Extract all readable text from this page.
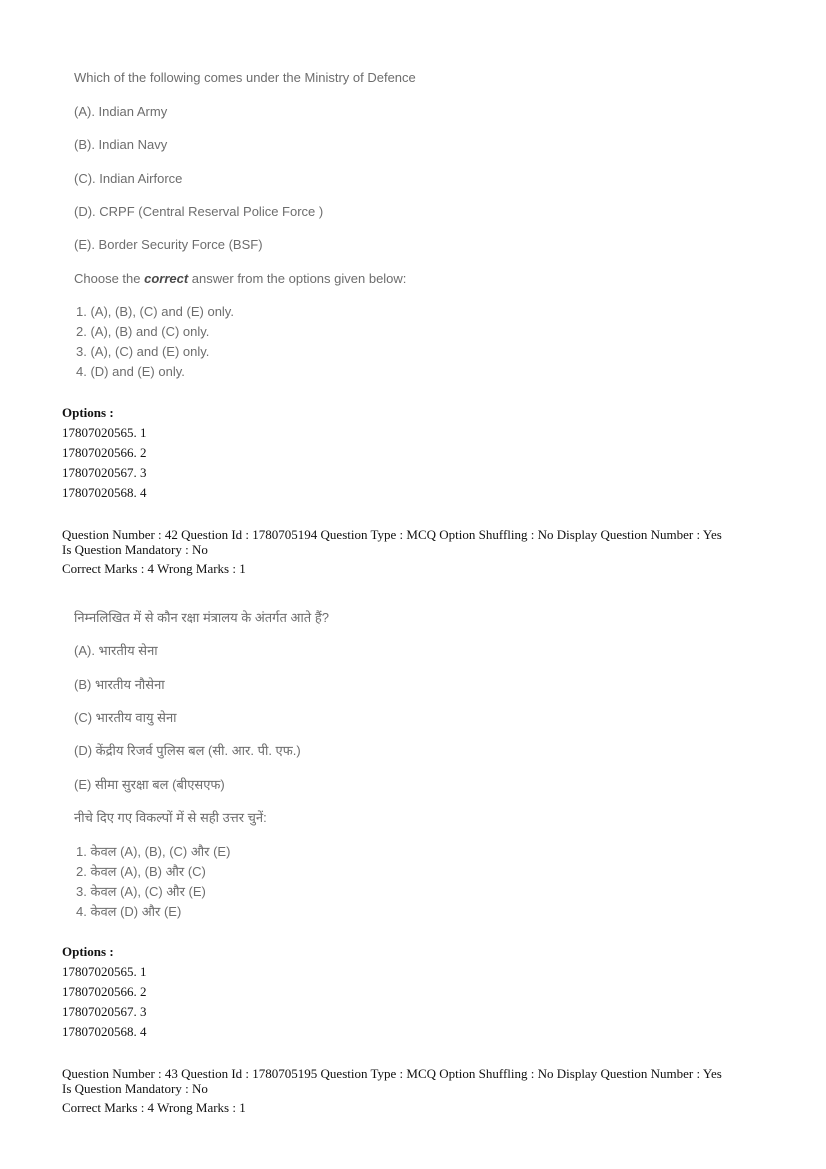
Which of the following comes under the Ministry of Defence
(A). Indian Army
(B). Indian Navy
(C). Indian Airforce
(D). CRPF (Central Reserval Police Force )
(E). Border Security Force (BSF)
Choose the correct answer from the options given below:
1. (A), (B), (C) and (E) only.
2. (A), (B) and (C) only.
3. (A), (C) and (E) only.
4. (D) and (E) only.
Options :
17807020565. 1
17807020566. 2
17807020567. 3
17807020568. 4
Question Number : 42 Question Id : 1780705194 Question Type : MCQ Option Shuffling : No Display Question Number : Yes
Is Question Mandatory : No
Correct Marks : 4 Wrong Marks : 1
निम्नलिखित में से कौन रक्षा मंत्रालय के अंतर्गत आते हैं?
(A). भारतीय सेना
(B) भारतीय नौसेना
(C) भारतीय वायु सेना
(D) केंद्रीय रिजर्व पुलिस बल (सी. आर. पी. एफ.)
(E) सीमा सुरक्षा बल (बीएसएफ)
नीचे दिए गए विकल्पों में से सही उत्तर चुनें:
1. केवल (A), (B), (C) और (E)
2. केवल (A), (B) और (C)
3. केवल (A), (C) और (E)
4. केवल (D) और (E)
Options :
17807020565. 1
17807020566. 2
17807020567. 3
17807020568. 4
Question Number : 43 Question Id : 1780705195 Question Type : MCQ Option Shuffling : No Display Question Number : Yes
Is Question Mandatory : No
Correct Marks : 4 Wrong Marks : 1
